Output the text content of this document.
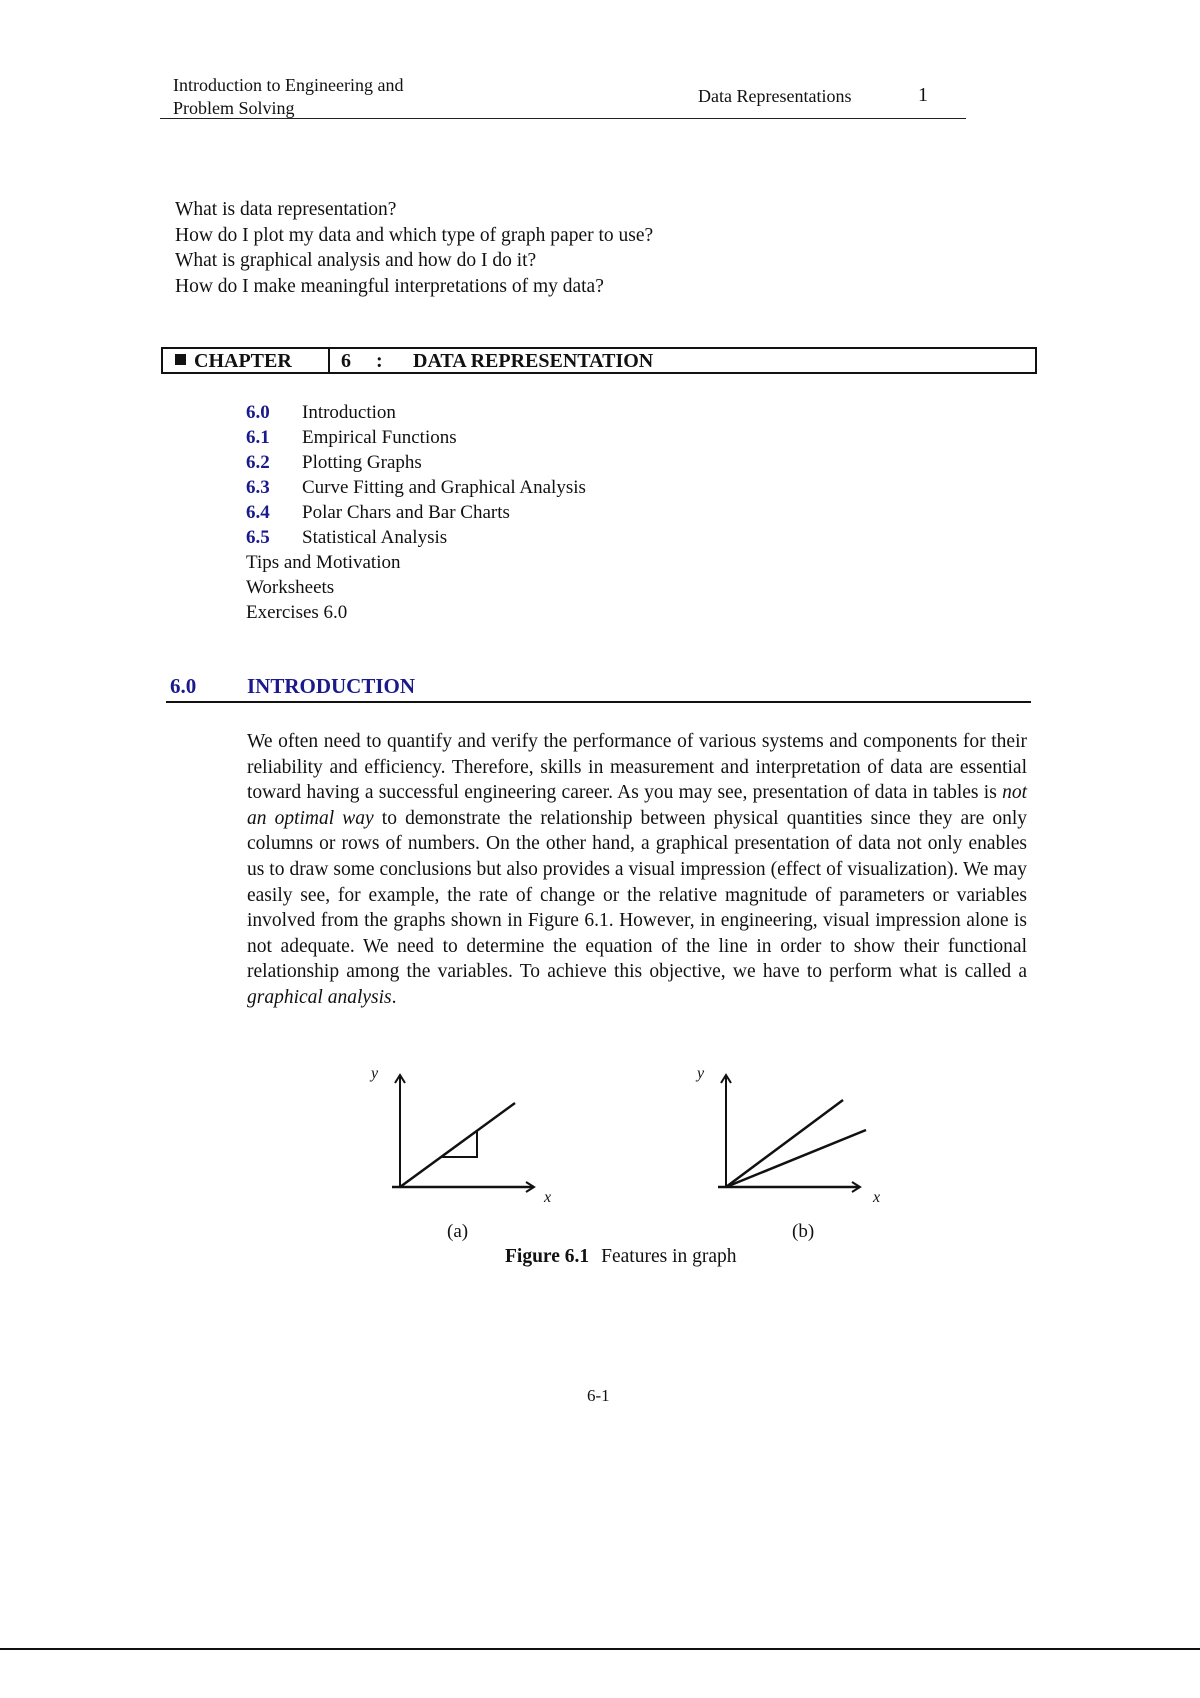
Introduction to Engineering and
Problem Solving
Data Representations	1
What is data representation?
How do I plot my data and which type of graph paper to use?
What is graphical analysis and how do I do it?
How do I make meaningful interpretations of my data?
CHAPTER 6 : DATA REPRESENTATION
6.0 Introduction
6.1 Empirical Functions
6.2 Plotting Graphs
6.3 Curve Fitting and Graphical Analysis
6.4 Polar Chars and Bar Charts
6.5 Statistical Analysis
Tips and Motivation
Worksheets
Exercises 6.0
6.0 INTRODUCTION

We often need to quantify and verify the performance of various systems and components for their reliability and efficiency. Therefore, skills in measurement and interpretation of data are essential toward having a successful engineering career. As you may see, presentation of data in tables is not an optimal way to demonstrate the relationship between physical quantities since they are only columns or rows of numbers. On the other hand, a graphical presentation of data not only enables us to draw some conclusions but also provides a visual impression (effect of visualization). We may easily see, for example, the rate of change or the relative magnitude of parameters or variables involved from the graphs shown in Figure 6.1. However, in engineering, visual impression alone is not adequate. We need to determine the equation of the line in order to show their functional relationship among the variables. To achieve this objective, we have to perform what is called a graphical analysis.

y
x
y
x
(a)	(b)
Figure 6.1 Features in graph
6-1
